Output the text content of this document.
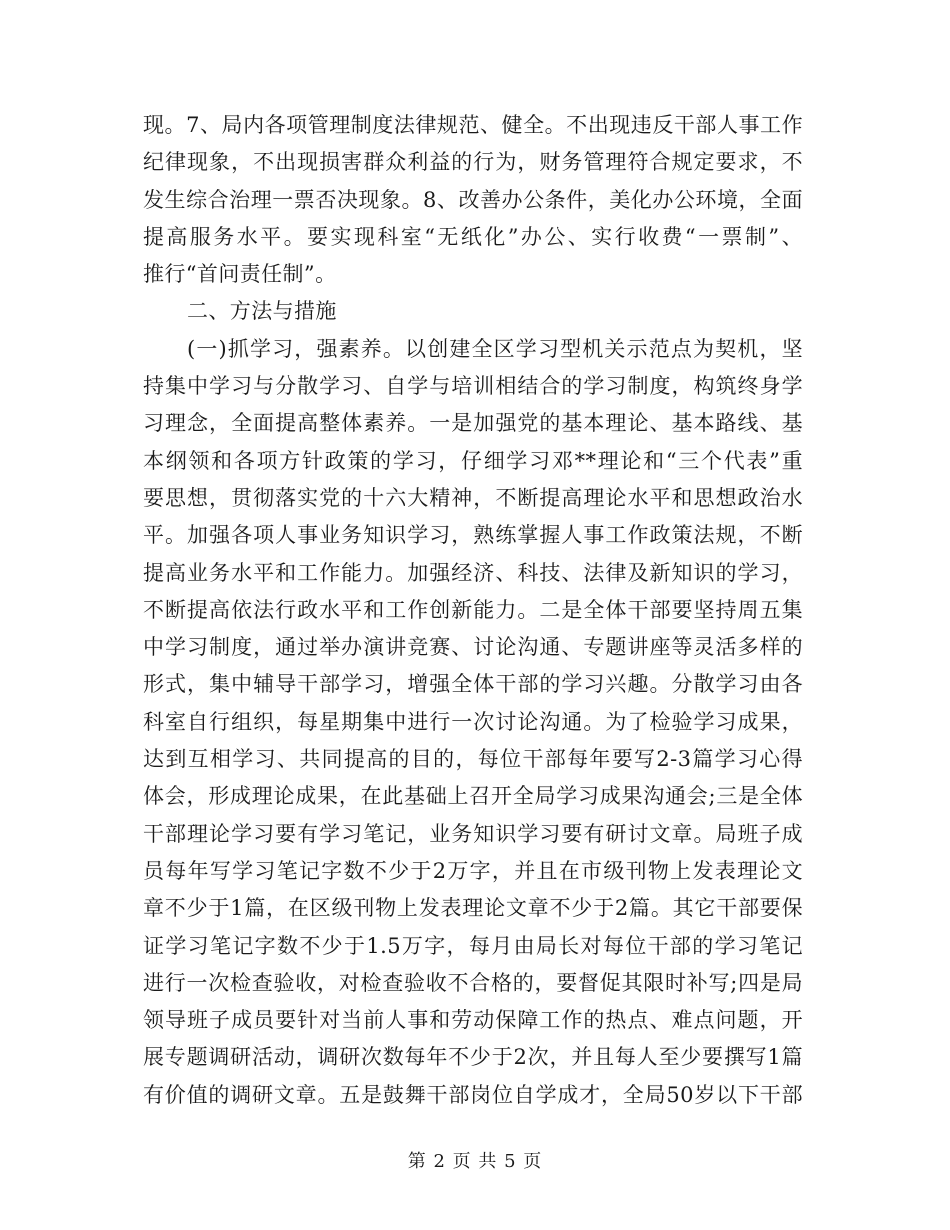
现。7、局内各项管理制度法律规范、健全。不出现违反干部人事工作
纪律现象，不出现损害群众利益的行为，财务管理符合规定要求，不
发生综合治理一票否决现象。8、改善办公条件，美化办公环境，全面
提高服务水平。要实现科室“无纸化”办公、实行收费“一票制”、
推行“首问责任制”。
二、方法与措施
(一)抓学习，强素养。以创建全区学习型机关示范点为契机，坚
持集中学习与分散学习、自学与培训相结合的学习制度，构筑终身学
习理念，全面提高整体素养。一是加强党的基本理论、基本路线、基
本纲领和各项方针政策的学习，仔细学习邓**理论和“三个代表”重
要思想，贯彻落实党的十六大精神，不断提高理论水平和思想政治水
平。加强各项人事业务知识学习，熟练掌握人事工作政策法规，不断
提高业务水平和工作能力。加强经济、科技、法律及新知识的学习，
不断提高依法行政水平和工作创新能力。二是全体干部要坚持周五集
中学习制度，通过举办演讲竞赛、讨论沟通、专题讲座等灵活多样的
形式，集中辅导干部学习，增强全体干部的学习兴趣。分散学习由各
科室自行组织，每星期集中进行一次讨论沟通。为了检验学习成果，
达到互相学习、共同提高的目的，每位干部每年要写2-3篇学习心得
体会，形成理论成果，在此基础上召开全局学习成果沟通会;三是全体
干部理论学习要有学习笔记，业务知识学习要有研讨文章。局班子成
员每年写学习笔记字数不少于2万字，并且在市级刊物上发表理论文
章不少于1篇，在区级刊物上发表理论文章不少于2篇。其它干部要保
证学习笔记字数不少于1.5万字，每月由局长对每位干部的学习笔记
进行一次检查验收，对检查验收不合格的，要督促其限时补写;四是局
领导班子成员要针对当前人事和劳动保障工作的热点、难点问题，开
展专题调研活动，调研次数每年不少于2次，并且每人至少要撰写1篇
有价值的调研文章。五是鼓舞干部岗位自学成才，全局50岁以下干部
第 2 页 共 5 页
